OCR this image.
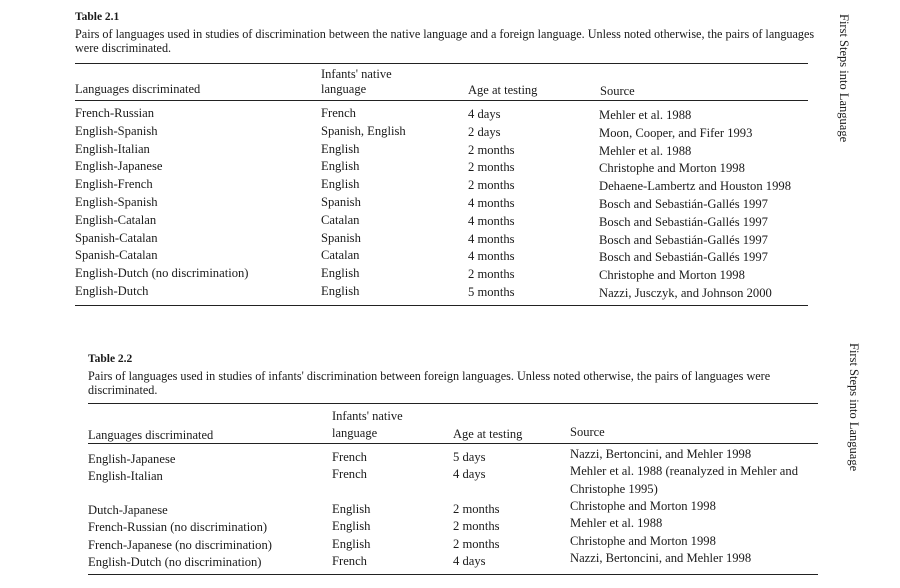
Table 2.1
Pairs of languages used in studies of discrimination between the native language and a foreign language. Unless noted otherwise, the pairs of languages were discriminated.
Infants' native
Languages discriminated	language	Age at testing	Source
French-Russian	French	4 days	Mehler et al. 1988
English-Spanish	Spanish, English	2 days	Moon, Cooper, and Fifer 1993
English-Italian	English	2 months	Mehler et al. 1988
English-Japanese	English	2 months	Christophe and Morton 1998
English-French	English	2 months	Dehaene-Lambertz and Houston 1998
English-Spanish	Spanish	4 months	Bosch and Sebastián-Gallés 1997
English-Catalan	Catalan	4 months	Bosch and Sebastián-Gallés 1997
Spanish-Catalan	Spanish	4 months	Bosch and Sebastián-Gallés 1997
Spanish-Catalan	Catalan	4 months	Bosch and Sebastián-Gallés 1997
English-Dutch (no discrimination)	English	2 months	Christophe and Morton 1998
English-Dutch	English	5 months	Nazzi, Jusczyk, and Johnson 2000
First Steps into Language
Table 2.2
Pairs of languages used in studies of infants' discrimination between foreign languages. Unless noted otherwise, the pairs of languages were discriminated.
Infants' native
Languages discriminated	language	Age at testing	Source
English-Japanese	French	5 days	Nazzi, Bertoncini, and Mehler 1998
English-Italian	French	4 days	Mehler et al. 1988 (reanalyzed in Mehler and
Christophe 1995)
Dutch-Japanese	English	2 months	Christophe and Morton 1998
French-Russian (no discrimination)	English	2 months	Mehler et al. 1988
French-Japanese (no discrimination)	English	2 months	Christophe and Morton 1998
English-Dutch (no discrimination)	French	4 days	Nazzi, Bertoncini, and Mehler 1998
First Steps into Language
